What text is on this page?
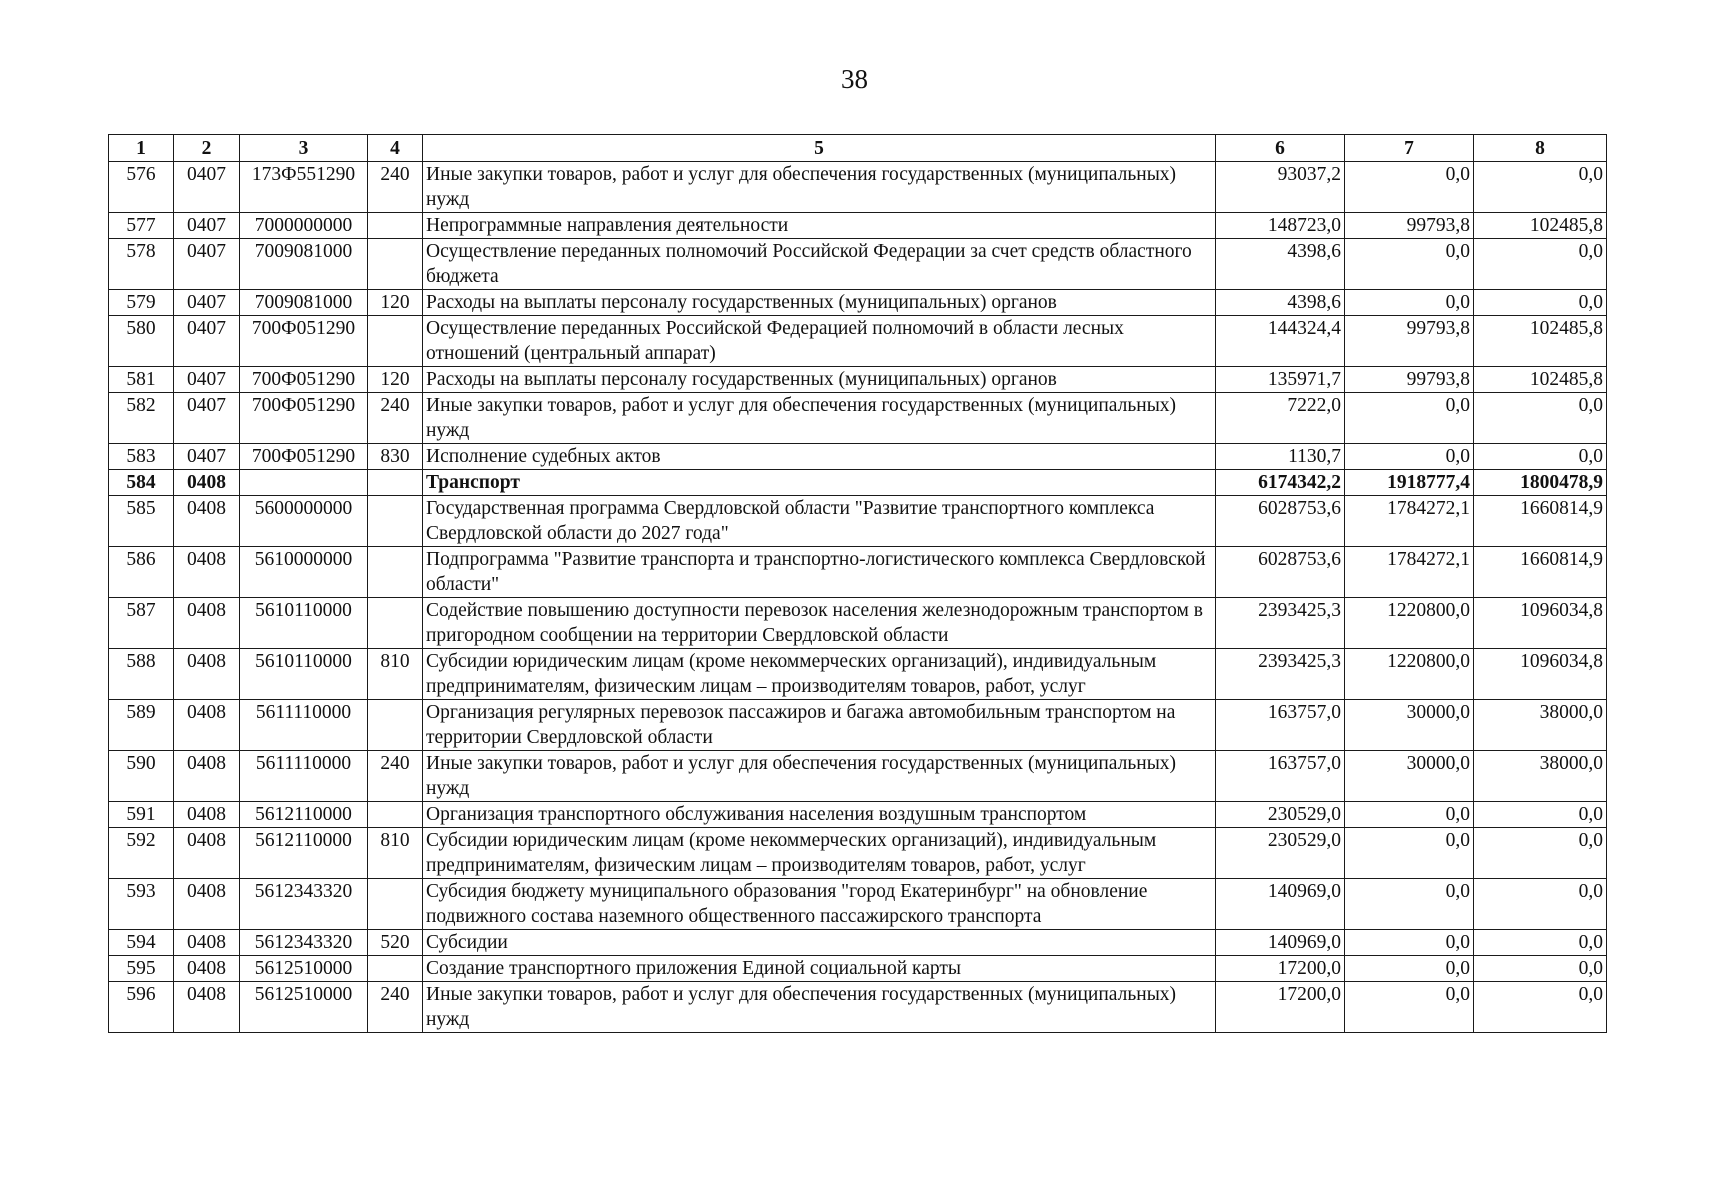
38
1	2	3	4	5	6	7	8
576	0407	173Ф551290	240	Иные закупки товаров, работ и услуг для обеспечения государственных (муниципальных) нужд	93037,2	0,0	0,0
577	0407	7000000000		Непрограммные направления деятельности	148723,0	99793,8	102485,8
578	0407	7009081000		Осуществление переданных полномочий Российской Федерации за счет средств областного бюджета	4398,6	0,0	0,0
579	0407	7009081000	120	Расходы на выплаты персоналу государственных (муниципальных) органов	4398,6	0,0	0,0
580	0407	700Ф051290		Осуществление переданных Российской Федерацией полномочий в области лесных отношений (центральный аппарат)	144324,4	99793,8	102485,8
581	0407	700Ф051290	120	Расходы на выплаты персоналу государственных (муниципальных) органов	135971,7	99793,8	102485,8
582	0407	700Ф051290	240	Иные закупки товаров, работ и услуг для обеспечения государственных (муниципальных) нужд	7222,0	0,0	0,0
583	0407	700Ф051290	830	Исполнение судебных актов	1130,7	0,0	0,0
584	0408			Транспорт	6174342,2	1918777,4	1800478,9
585	0408	5600000000		Государственная программа Свердловской области "Развитие транспортного комплекса Свердловской области до 2027 года"	6028753,6	1784272,1	1660814,9
586	0408	5610000000		Подпрограмма "Развитие транспорта и транспортно-логистического комплекса Свердловской области"	6028753,6	1784272,1	1660814,9
587	0408	5610110000		Содействие повышению доступности перевозок населения железнодорожным транспортом в пригородном сообщении на территории Свердловской области	2393425,3	1220800,0	1096034,8
588	0408	5610110000	810	Субсидии юридическим лицам (кроме некоммерческих организаций), индивидуальным предпринимателям, физическим лицам – производителям товаров, работ, услуг	2393425,3	1220800,0	1096034,8
589	0408	5611110000		Организация регулярных перевозок пассажиров и багажа автомобильным транспортом на территории Свердловской области	163757,0	30000,0	38000,0
590	0408	5611110000	240	Иные закупки товаров, работ и услуг для обеспечения государственных (муниципальных) нужд	163757,0	30000,0	38000,0
591	0408	5612110000		Организация транспортного обслуживания населения воздушным транспортом	230529,0	0,0	0,0
592	0408	5612110000	810	Субсидии юридическим лицам (кроме некоммерческих организаций), индивидуальным предпринимателям, физическим лицам – производителям товаров, работ, услуг	230529,0	0,0	0,0
593	0408	5612343320		Субсидия бюджету муниципального образования "город Екатеринбург" на обновление подвижного состава наземного общественного пассажирского транспорта	140969,0	0,0	0,0
594	0408	5612343320	520	Субсидии	140969,0	0,0	0,0
595	0408	5612510000		Создание транспортного приложения Единой социальной карты	17200,0	0,0	0,0
596	0408	5612510000	240	Иные закупки товаров, работ и услуг для обеспечения государственных (муниципальных) нужд	17200,0	0,0	0,0
